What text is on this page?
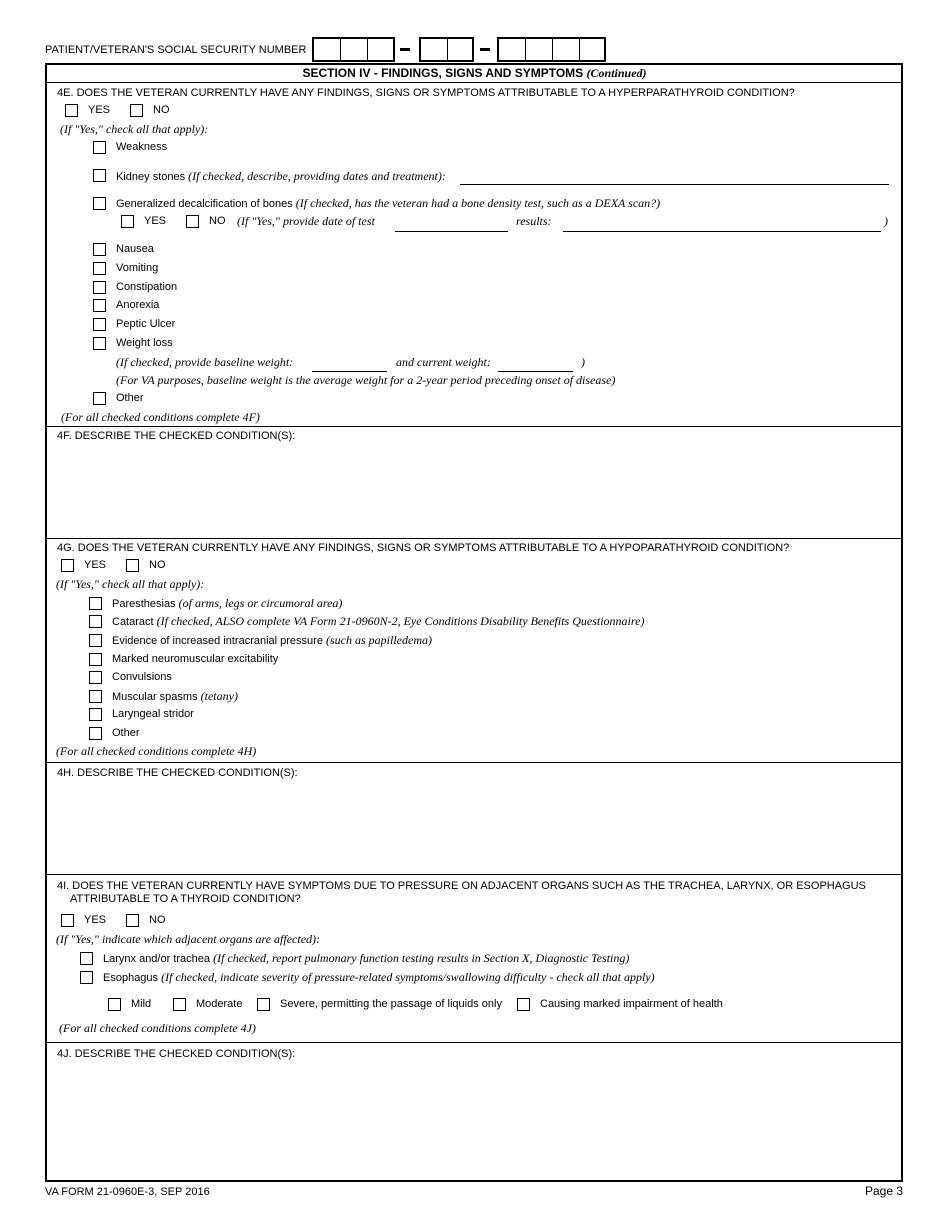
PATIENT/VETERAN'S SOCIAL SECURITY NUMBER
SECTION IV - FINDINGS, SIGNS AND SYMPTOMS (Continued)
4E. DOES THE VETERAN CURRENTLY HAVE ANY FINDINGS, SIGNS OR SYMPTOMS ATTRIBUTABLE TO A HYPERPARATHYROID CONDITION?
YES	NO
(If "Yes," check all that apply):
Weakness
Kidney stones (If checked, describe, providing dates and treatment):
Generalized decalcification of bones (If checked, has the veteran had a bone density test, such as a DEXA scan?)
YES	NO (If "Yes," provide date of test	results:	)
Nausea
Vomiting
Constipation
Anorexia
Peptic Ulcer
Weight loss
(If checked, provide baseline weight:	and current weight:	)
(For VA purposes, baseline weight is the average weight for a 2-year period preceding onset of disease)
Other
(For all checked conditions complete 4F)
4F. DESCRIBE THE CHECKED CONDITION(S):
4G. DOES THE VETERAN CURRENTLY HAVE ANY FINDINGS, SIGNS OR SYMPTOMS ATTRIBUTABLE TO A HYPOPARATHYROID CONDITION?
YES	NO
(If "Yes," check all that apply):
Paresthesias (of arms, legs or circumoral area)
Cataract (If checked, ALSO complete VA Form 21-0960N-2, Eye Conditions Disability Benefits Questionnaire)
Evidence of increased intracranial pressure (such as papilledema)
Marked neuromuscular excitability
Convulsions
Muscular spasms (tetany)
Laryngeal stridor
Other
(For all checked conditions complete 4H)
4H. DESCRIBE THE CHECKED CONDITION(S):
4I. DOES THE VETERAN CURRENTLY HAVE SYMPTOMS DUE TO PRESSURE ON ADJACENT ORGANS SUCH AS THE TRACHEA, LARYNX, OR ESOPHAGUS
ATTRIBUTABLE TO A THYROID CONDITION?
YES	NO
(If "Yes," indicate which adjacent organs are affected):
Larynx and/or trachea (If checked, report pulmonary function testing results in Section X, Diagnostic Testing)
Esophagus (If checked, indicate severity of pressure-related symptoms/swallowing difficulty - check all that apply)
Mild	Moderate	Severe, permitting the passage of liquids only	Causing marked impairment of health
(For all checked conditions complete 4J)
4J. DESCRIBE THE CHECKED CONDITION(S):
VA FORM 21-0960E-3, SEP 2016	Page 3
